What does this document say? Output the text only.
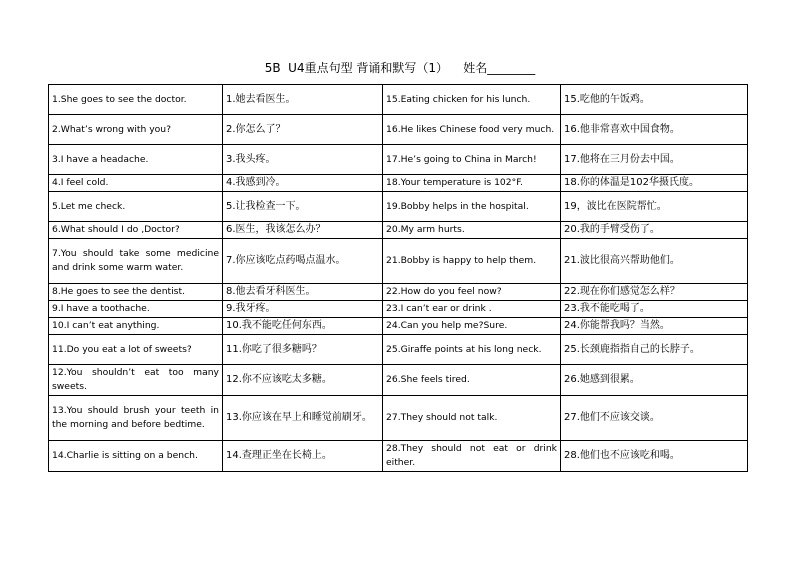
5B  U4重点句型 背诵和默写（1）    姓名________
1.She goes to see the doctor.	1.她去看医生。	15.Eating chicken for his lunch.	15.吃他的午饭鸡。
2.What’s wrong with you?	2.你怎么了？	16.He likes Chinese food very much.	16.他非常喜欢中国食物。
3.I have a headache.	3.我头疼。	17.He’s going to China in March!	17.他将在三月份去中国。
4.I feel cold.	4.我感到冷。	18.Your temperature is 102°F.	18.你的体温是102华摄氏度。
5.Let me check.	5.让我检查一下。	19.Bobby helps in the hospital.	19，波比在医院帮忙。
6.What should I do ,Doctor?	6.医生，我该怎么办？	20.My arm hurts.	20.我的手臂受伤了。
7.You should take some medicine and drink some warm water.	7.你应该吃点药喝点温水。	21.Bobby is happy to help them.	21.波比很高兴帮助他们。
8.He goes to see the dentist.	8.他去看牙科医生。	22.How do you feel now?	22.现在你们感觉怎么样？
9.I have a toothache.	9.我牙疼。	23.I can’t ear or drink .	23.我不能吃喝了。
10.I can’t eat anything.	10.我不能吃任何东西。	24.Can you help me?Sure.	24.你能帮我吗？当然。
11.Do you eat a lot of sweets?	11.你吃了很多糖吗？	25.Giraffe points at his long neck.	25.长颈鹿指指自己的长脖子。
12.You shouldn’t eat too many sweets.	12.你不应该吃太多糖。	26.She feels tired.	26.她感到很累。
13.You should brush your teeth in the morning and before bedtime.	13.你应该在早上和睡觉前刷牙。	27.They should not talk.	27.他们不应该交谈。
14.Charlie is sitting on a bench.	14.查理正坐在长椅上。	28.They should not eat or drink either.	28.他们也不应该吃和喝。
